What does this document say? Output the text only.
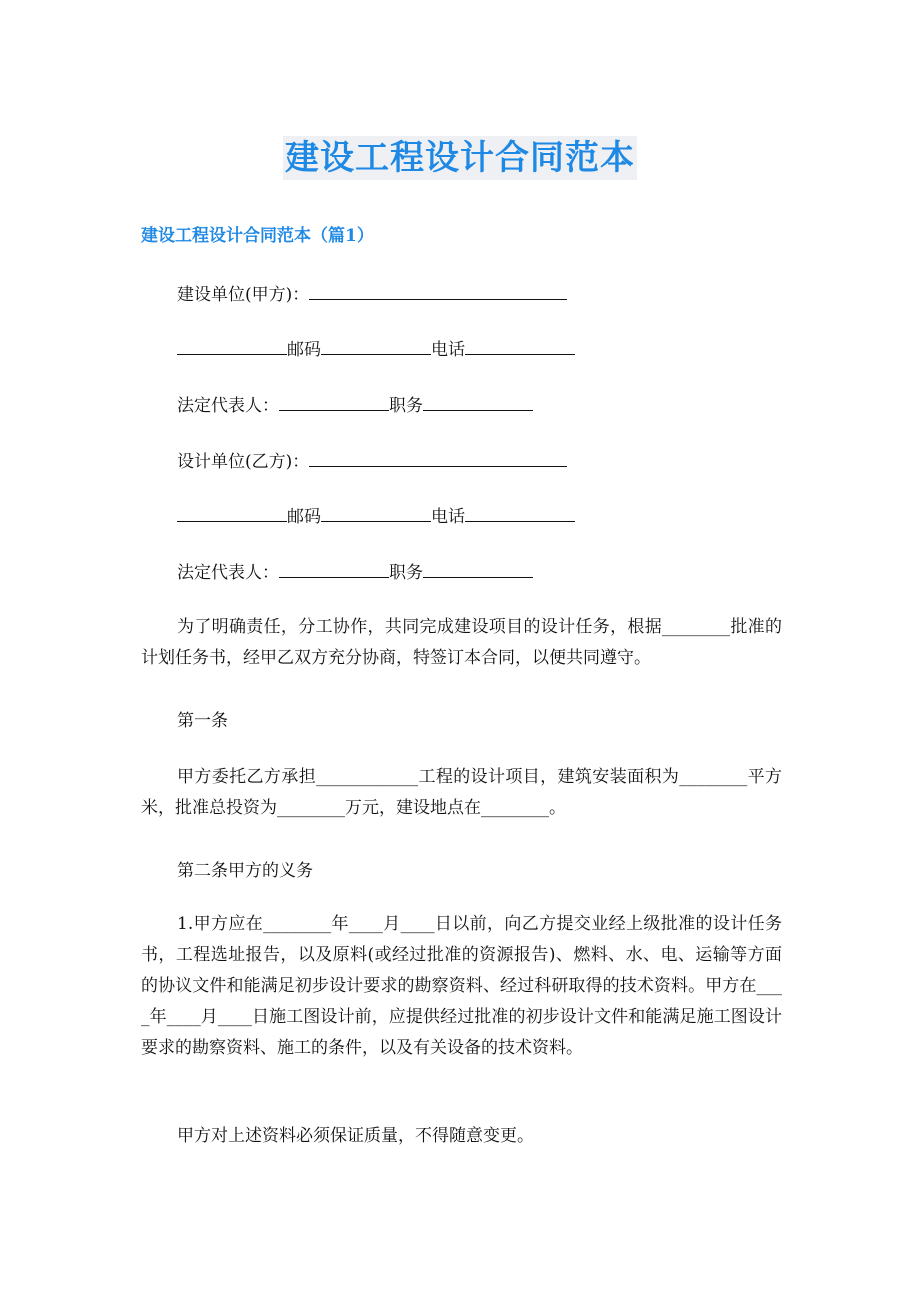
建设工程设计合同范本
建设工程设计合同范本（篇1）
建设单位(甲方)：
邮码	电话
法定代表人：	职务
设计单位(乙方)：
邮码	电话
法定代表人：	职务
为了明确责任，分工协作，共同完成建设项目的设计任务，根据________批准的计划任务书，经甲乙双方充分协商，特签订本合同，以便共同遵守。
第一条
甲方委托乙方承担____________工程的设计项目，建筑安装面积为________平方米，批准总投资为________万元，建设地点在________。
第二条甲方的义务
1.甲方应在________年____月____日以前，向乙方提交业经上级批准的设计任务书，工程选址报告，以及原料(或经过批准的资源报告)、燃料、水、电、运输等方面的协议文件和能满足初步设计要求的勘察资料、经过科研取得的技术资料。甲方在____年____月____日施工图设计前，应提供经过批准的初步设计文件和能满足施工图设计要求的勘察资料、施工的条件，以及有关设备的技术资料。
甲方对上述资料必须保证质量，不得随意变更。
